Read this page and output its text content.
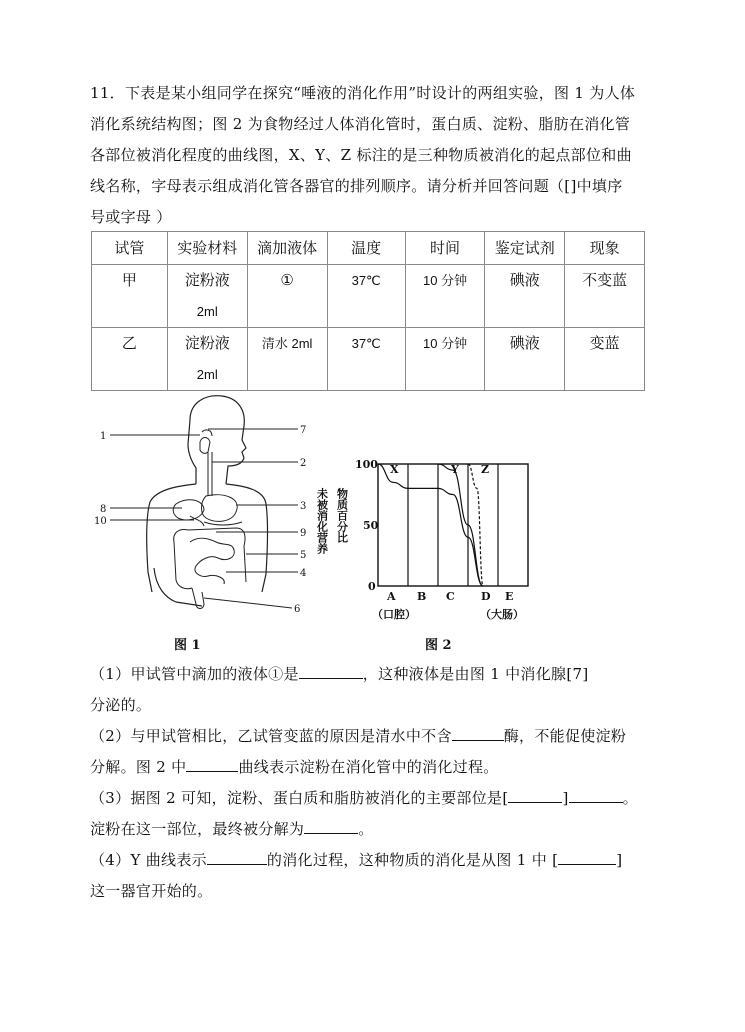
11．下表是某小组同学在探究“唾液的消化作用”时设计的两组实验，图 1 为人体
消化系统结构图；图 2 为食物经过人体消化管时，蛋白质、淀粉、脂肪在消化管
各部位被消化程度的曲线图，X、Y、Z 标注的是三种物质被消化的起点部位和曲
线名称，字母表示组成消化管各器官的排列顺序。请分析并回答问题（[]中填序
号或字母 ）
试管	实验材料	滴加液体	温度	时间	鉴定试剂	现象
甲	淀粉液
2ml	①	37℃	10 分钟	碘液	不变蓝
乙	淀粉液
2ml	清水 2ml	37℃	10 分钟	碘液	变蓝
1
7
2
3
8
10
9
5
4
6
未被消化营养 物质百分比
100
50
0
A B C D E
（口腔）	（大肠）
X	Y Z
图 1	图 2
（1）甲试管中滴加的液体①是	，这种液体是由图 1 中消化腺[7]
分泌的。
（2）与甲试管相比，乙试管变蓝的原因是清水中不含	酶，不能促使淀粉
分解。图 2 中	曲线表示淀粉在消化管中的消化过程。
（3）据图 2 可知，淀粉、蛋白质和脂肪被消化的主要部位是[	]	。
淀粉在这一部位，最终被分解为	。
（4）Y 曲线表示	的消化过程，这种物质的消化是从图 1 中 [	]
这一器官开始的。
